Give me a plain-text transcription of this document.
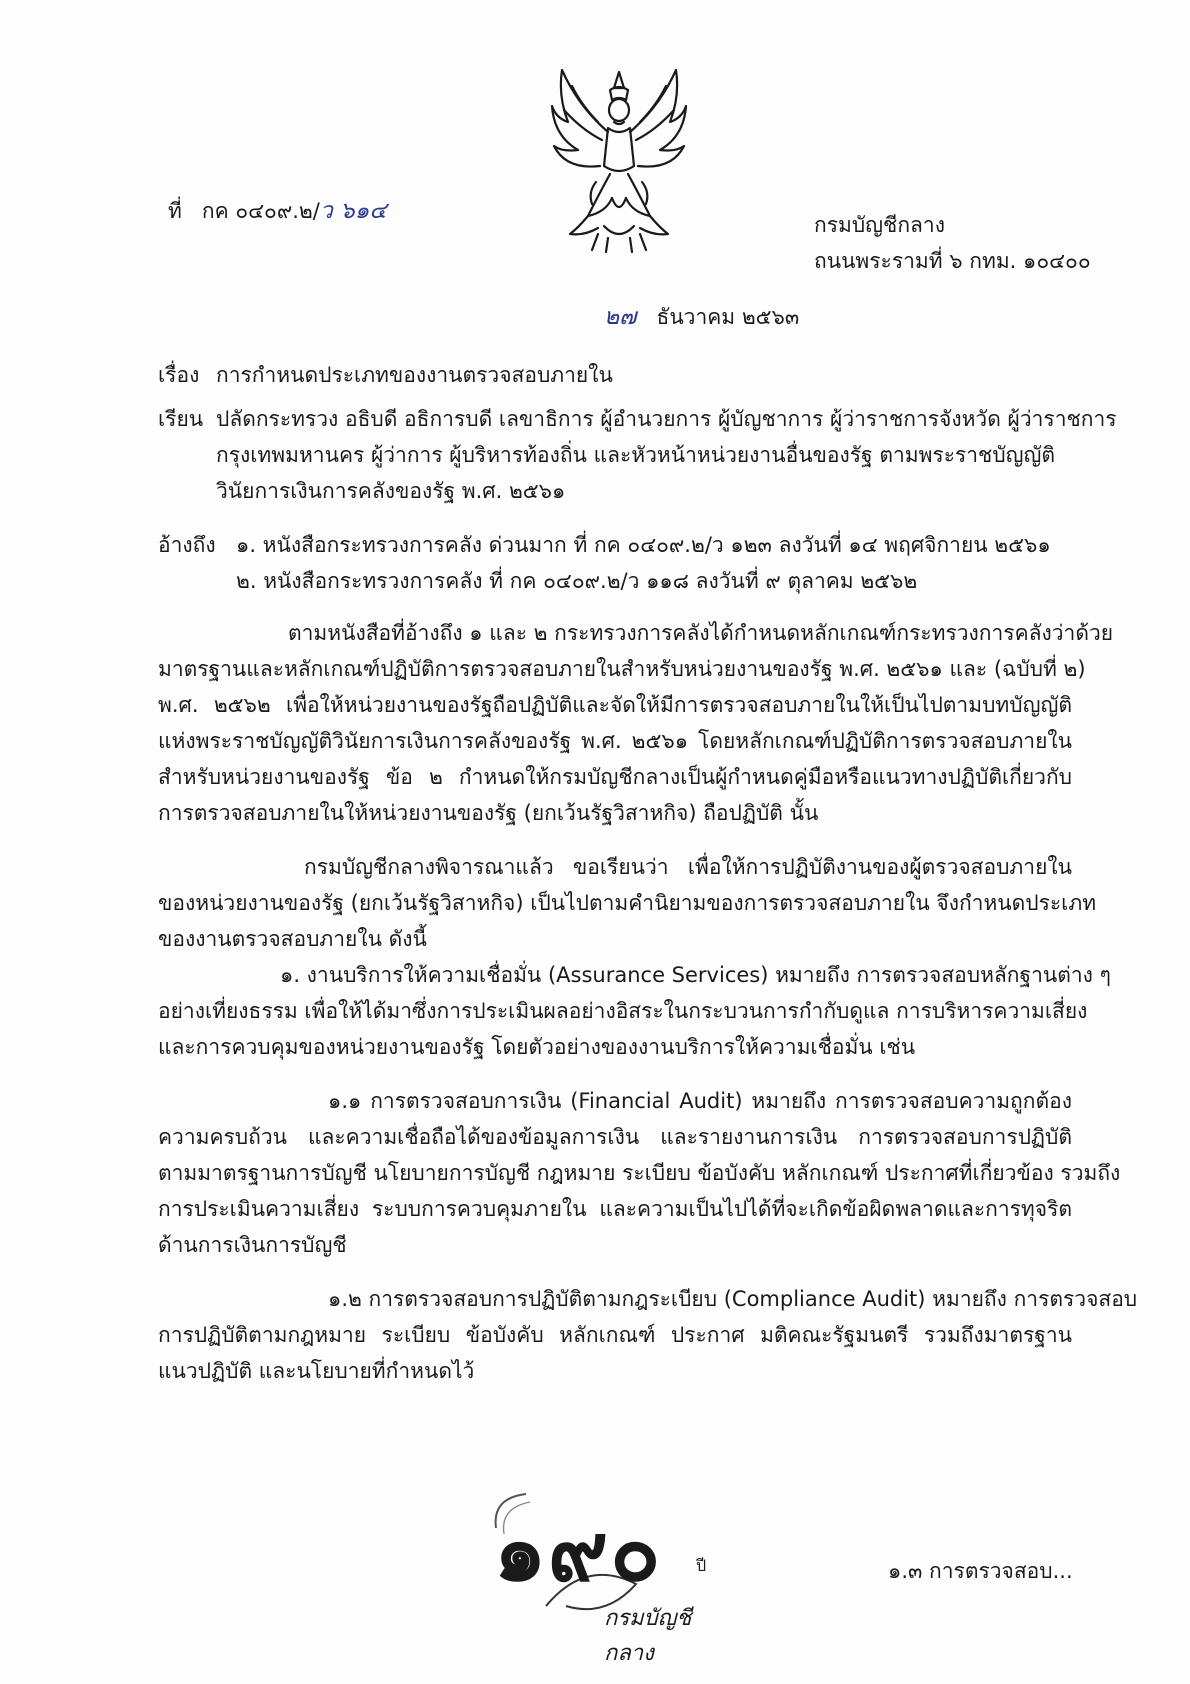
ที่ กค ๐๔๐๙.๒/ว ๖๑๔
กรมบัญชีกลาง
ถนนพระรามที่ ๖ กทม. ๑๐๔๐๐
๒๗ ธันวาคม ๒๕๖๓
เรื่อง การกำหนดประเภทของงานตรวจสอบภายใน
เรียน ปลัดกระทรวง อธิบดี อธิการบดี เลขาธิการ ผู้อำนวยการ ผู้บัญชาการ ผู้ว่าราชการจังหวัด ผู้ว่าราชการ
กรุงเทพมหานคร ผู้ว่าการ ผู้บริหารท้องถิ่น และหัวหน้าหน่วยงานอื่นของรัฐ ตามพระราชบัญญัติ
วินัยการเงินการคลังของรัฐ พ.ศ. ๒๕๖๑
อ้างถึง ๑. หนังสือกระทรวงการคลัง ด่วนมาก ที่ กค ๐๔๐๙.๒/ว ๑๒๓ ลงวันที่ ๑๔ พฤศจิกายน ๒๕๖๑
๒. หนังสือกระทรวงการคลัง ที่ กค ๐๔๐๙.๒/ว ๑๑๘ ลงวันที่ ๙ ตุลาคม ๒๕๖๒
ตามหนังสือที่อ้างถึง ๑ และ ๒ กระทรวงการคลังได้กำหนดหลักเกณฑ์กระทรวงการคลังว่าด้วย
มาตรฐานและหลักเกณฑ์ปฏิบัติการตรวจสอบภายในสำหรับหน่วยงานของรัฐ พ.ศ. ๒๕๖๑ และ (ฉบับที่ ๒)
พ.ศ. ๒๕๖๒ เพื่อให้หน่วยงานของรัฐถือปฏิบัติและจัดให้มีการตรวจสอบภายในให้เป็นไปตามบทบัญญัติ
แห่งพระราชบัญญัติวินัยการเงินการคลังของรัฐ พ.ศ. ๒๕๖๑ โดยหลักเกณฑ์ปฏิบัติการตรวจสอบภายใน
สำหรับหน่วยงานของรัฐ ข้อ ๒ กำหนดให้กรมบัญชีกลางเป็นผู้กำหนดคู่มือหรือแนวทางปฏิบัติเกี่ยวกับ
การตรวจสอบภายในให้หน่วยงานของรัฐ (ยกเว้นรัฐวิสาหกิจ) ถือปฏิบัติ นั้น
กรมบัญชีกลางพิจารณาแล้ว ขอเรียนว่า เพื่อให้การปฏิบัติงานของผู้ตรวจสอบภายใน
ของหน่วยงานของรัฐ (ยกเว้นรัฐวิสาหกิจ) เป็นไปตามคำนิยามของการตรวจสอบภายใน จึงกำหนดประเภท
ของงานตรวจสอบภายใน ดังนี้
๑. งานบริการให้ความเชื่อมั่น (Assurance Services) หมายถึง การตรวจสอบหลักฐานต่าง ๆ
อย่างเที่ยงธรรม เพื่อให้ได้มาซึ่งการประเมินผลอย่างอิสระในกระบวนการกำกับดูแล การบริหารความเสี่ยง
และการควบคุมของหน่วยงานของรัฐ โดยตัวอย่างของงานบริการให้ความเชื่อมั่น เช่น
๑.๑ การตรวจสอบการเงิน (Financial Audit) หมายถึง การตรวจสอบความถูกต้อง
ความครบถ้วน และความเชื่อถือได้ของข้อมูลการเงิน และรายงานการเงิน การตรวจสอบการปฏิบัติ
ตามมาตรฐานการบัญชี นโยบายการบัญชี กฎหมาย ระเบียบ ข้อบังคับ หลักเกณฑ์ ประกาศที่เกี่ยวข้อง รวมถึง
การประเมินความเสี่ยง ระบบการควบคุมภายใน และความเป็นไปได้ที่จะเกิดข้อผิดพลาดและการทุจริต
ด้านการเงินการบัญชี
๑.๒ การตรวจสอบการปฏิบัติตามกฎระเบียบ (Compliance Audit) หมายถึง การตรวจสอบ
การปฏิบัติตามกฎหมาย ระเบียบ ข้อบังคับ หลักเกณฑ์ ประกาศ มติคณะรัฐมนตรี รวมถึงมาตรฐาน
แนวปฏิบัติ และนโยบายที่กำหนดไว้
๑๙๐ ปี
กรมบัญชีกลาง
๑.๓ การตรวจสอบ...
